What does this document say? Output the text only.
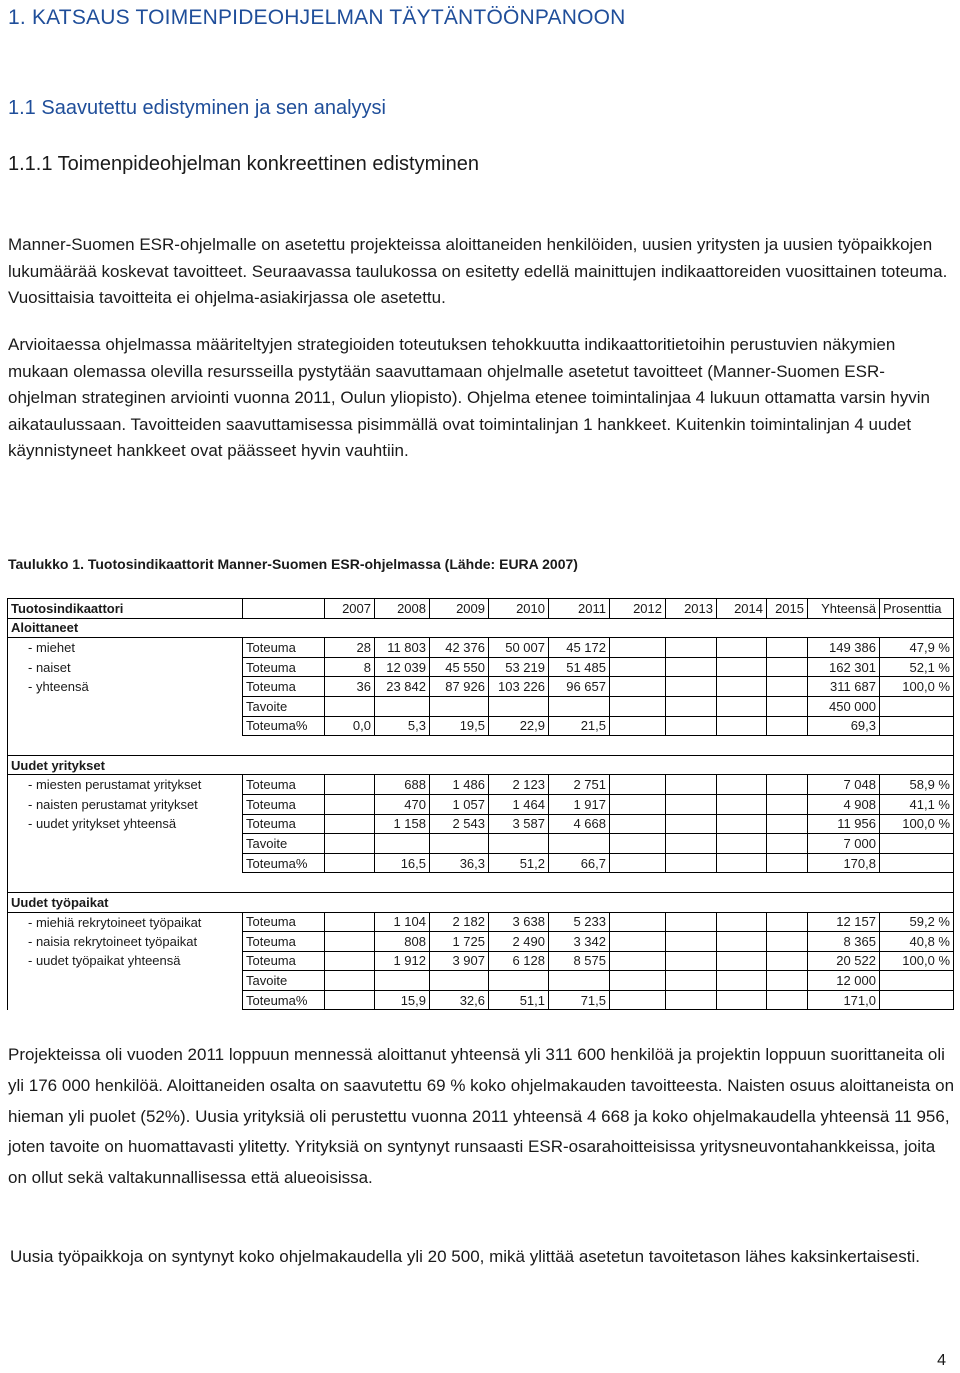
1. KATSAUS TOIMENPIDEOHJELMAN TÄYTÄNTÖÖNPANOON
1.1 Saavutettu edistyminen ja sen analyysi
1.1.1 Toimenpideohjelman konkreettinen edistyminen

Manner-Suomen ESR-ohjelmalle on asetettu projekteissa aloittaneiden henkilöiden, uusien yritysten ja uusien työpaikkojen lukumäärää koskevat tavoitteet. Seuraavassa taulukossa on esitetty edellä mainittujen indikaattoreiden vuosittainen toteuma. Vuosittaisia tavoitteita ei ohjelma-asiakirjassa ole asetettu.

Arvioitaessa ohjelmassa määriteltyjen strategioiden toteutuksen tehokkuutta indikaattoritietoihin perustuvien näkymien mukaan olemassa olevilla resursseilla pystytään saavuttamaan ohjelmalle asetetut tavoitteet (Manner-Suomen ESR-ohjelman strateginen arviointi vuonna 2011, Oulun yliopisto). Ohjelma etenee toimintalinjaa 4 lukuun ottamatta varsin hyvin aikataulussaan. Tavoitteiden saavuttamisessa pisimmällä ovat toimintalinjan 1 hankkeet. Kuitenkin toimintalinjan 4 uudet käynnistyneet hankkeet ovat päässeet hyvin vauhtiin.

Taulukko 1. Tuotosindikaattorit Manner-Suomen ESR-ohjelmassa (Lähde: EURA 2007)
Tuotosindikaattori		2007	2008	2009	2010	2011	2012	2013	2014	2015	Yhteensä	Prosenttia
Aloittaneet												
- miehet	Toteuma	28	11 803	42 376	50 007	45 172					149 386	47,9 %
- naiset	Toteuma	8	12 039	45 550	53 219	51 485					162 301	52,1 %
- yhteensä	Toteuma	36	23 842	87 926	103 226	96 657					311 687	100,0 %
	Tavoite										450 000	
	Toteuma%	0,0	5,3	19,5	22,9	21,5					69,3	

Uudet yritykset												
- miesten perustamat yritykset	Toteuma		688	1 486	2 123	2 751					7 048	58,9 %
- naisten perustamat yritykset	Toteuma		470	1 057	1 464	1 917					4 908	41,1 %
- uudet yritykset yhteensä	Toteuma		1 158	2 543	3 587	4 668					11 956	100,0 %
	Tavoite										7 000	
	Toteuma%		16,5	36,3	51,2	66,7					170,8	

Uudet työpaikat												
- miehiä rekrytoineet työpaikat	Toteuma		1 104	2 182	3 638	5 233					12 157	59,2 %
- naisia rekrytoineet työpaikat	Toteuma		808	1 725	2 490	3 342					8 365	40,8 %
- uudet työpaikat yhteensä	Toteuma		1 912	3 907	6 128	8 575					20 522	100,0 %
	Tavoite										12 000	
	Toteuma%		15,9	32,6	51,1	71,5					171,0	

Projekteissa oli vuoden 2011 loppuun mennessä aloittanut yhteensä yli 311 600 henkilöä ja projektin loppuun suorittaneita oli yli 176 000 henkilöä. Aloittaneiden osalta on saavutettu 69 % koko ohjelmakauden tavoitteesta. Naisten osuus aloittaneista on hieman yli puolet (52%). Uusia yrityksiä oli perustettu vuonna 2011 yhteensä 4 668 ja koko ohjelmakaudella yhteensä 11 956, joten tavoite on huomattavasti ylitetty. Yrityksiä on syntynyt runsaasti ESR-osarahoitteisissa yritysneuvontahankkeissa, joita on ollut sekä valtakunnallisessa että alueoisissa.

Uusia työpaikkoja on syntynyt koko ohjelmakaudella yli 20 500, mikä ylittää asetetun tavoitetason lähes kaksinkertaisesti.

4
